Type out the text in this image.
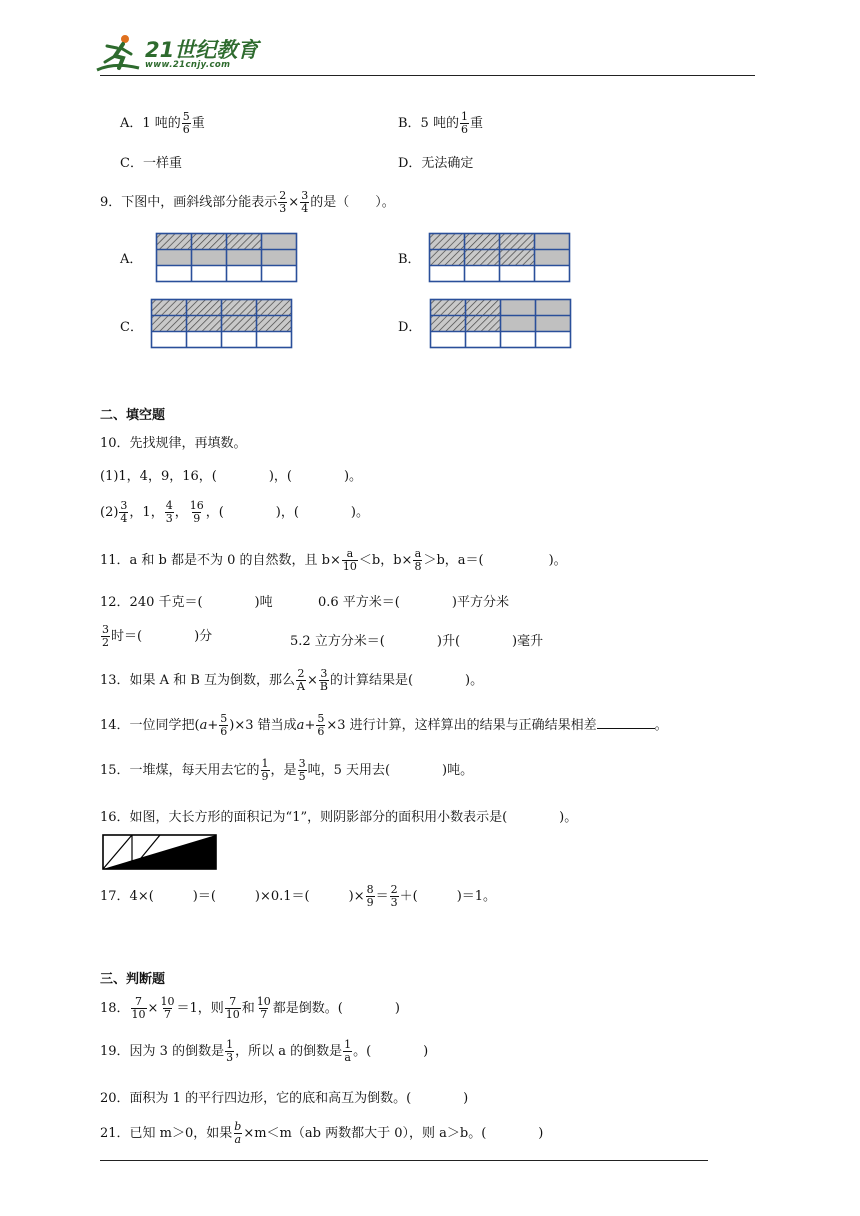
21世纪教育
www.21cnjy.com
A．1 吨的 $\frac{5}{6}$ 重	B．5 吨的 $\frac{1}{6}$ 重
C．一样重	D．无法确定
9．下图中，画斜线部分能表示 $\frac{2}{3} \times \frac{3}{4}$ 的是（　　）。
A．	B．
C．	D．
二、填空题
10．先找规律，再填数。
(1)1，4，9，16，(　　　　)，(　　　　)。
$(2) \frac{3}{4}$ ，1， $\frac{4}{3}$ ， $\frac{16}{9}$ ，(　　　　)，(　　　　)。
11．a 和 b 都是不为 0 的自然数，且 $b\times \frac{a}{10} <b$，$b\times \frac{a}{8} >b$，a＝(　　　　　)。
12．240 千克＝(　　　　)吨	0.6 平方米＝(　　　　)平方分米
$\frac{3}{2}$ 时＝(　　　　)分	5.2 立方分米＝(　　　　)升(　　　　)毫升
13．如果 A 和 B 互为倒数，那么 $\frac{2}{A} \times \frac{3}{B}$ 的计算结果是(　　　　)。
14．一位同学把$(a+ \frac{5}{6} )\times 3$ 错当成$a+ \frac{5}{6} \times 3$ 进行计算，这样算出的结果与正确结果相差	。
15．一堆煤，每天用去它的 $\frac{1}{9}$ ，是 $\frac{3}{5}$ 吨，5 天用去(　　　　)吨。
16．如图，大长方形的面积记为“1”，则阴影部分的面积用小数表示是(　　　　)。
17．4×(　　　)＝(　　　)×0.1＝(　　　)× $\frac{8}{9} = \frac{2}{3}$ ＋(　　　)＝1。
三、判断题
18． $\frac{7}{10} \times \frac{10}{7} =1$，则 $\frac{7}{10}$ 和 $\frac{10}{7}$ 都是倒数。(　　　　)
19．因为 3 的倒数是 $\frac{1}{3}$ ，所以 a 的倒数是 $\frac{1}{a}$ 。(　　　　)
20．面积为 1 的平行四边形，它的底和高互为倒数。(　　　　)
21．已知 m＞0，如果 $\frac{b}{a} \times m<m(ab$ 两数都大于 0），则 a＞b。(　　　　)
